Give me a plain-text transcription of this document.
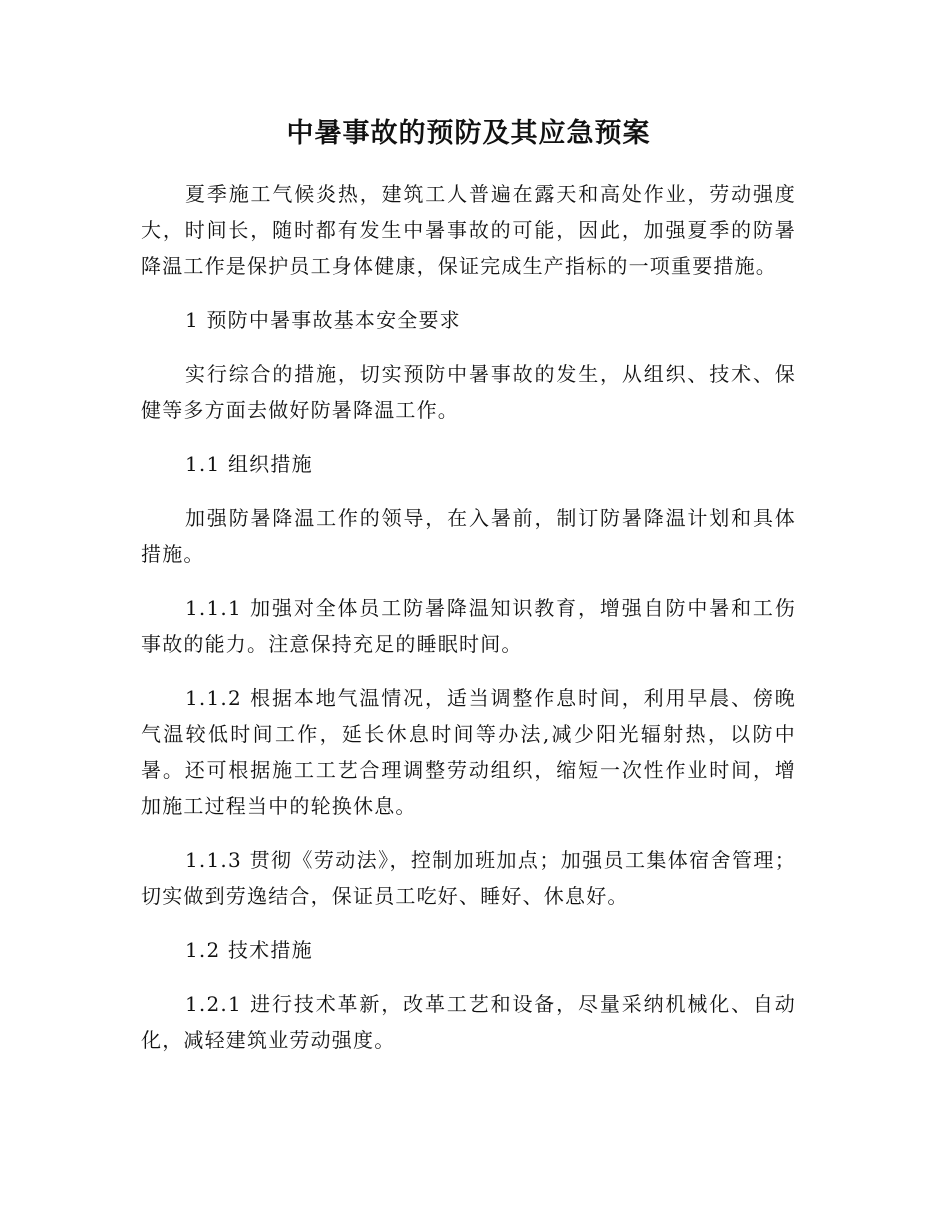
中暑事故的预防及其应急预案

夏季施工气候炎热，建筑工人普遍在露天和高处作业，劳动强度大，时间长，随时都有发生中暑事故的可能，因此，加强夏季的防暑降温工作是保护员工身体健康，保证完成生产指标的一项重要措施。

1 预防中暑事故基本安全要求

实行综合的措施，切实预防中暑事故的发生，从组织、技术、保健等多方面去做好防暑降温工作。

1.1 组织措施

加强防暑降温工作的领导，在入暑前，制订防暑降温计划和具体措施。

1.1.1 加强对全体员工防暑降温知识教育，增强自防中暑和工伤事故的能力。注意保持充足的睡眠时间。

1.1.2 根据本地气温情况，适当调整作息时间，利用早晨、傍晚气温较低时间工作，延长休息时间等办法,减少阳光辐射热，以防中暑。还可根据施工工艺合理调整劳动组织，缩短一次性作业时间，增加施工过程当中的轮换休息。

1.1.3 贯彻《劳动法》，控制加班加点；加强员工集体宿舍管理；切实做到劳逸结合，保证员工吃好、睡好、休息好。

1.2 技术措施

1.2.1 进行技术革新，改革工艺和设备，尽量采纳机械化、自动化，减轻建筑业劳动强度。
